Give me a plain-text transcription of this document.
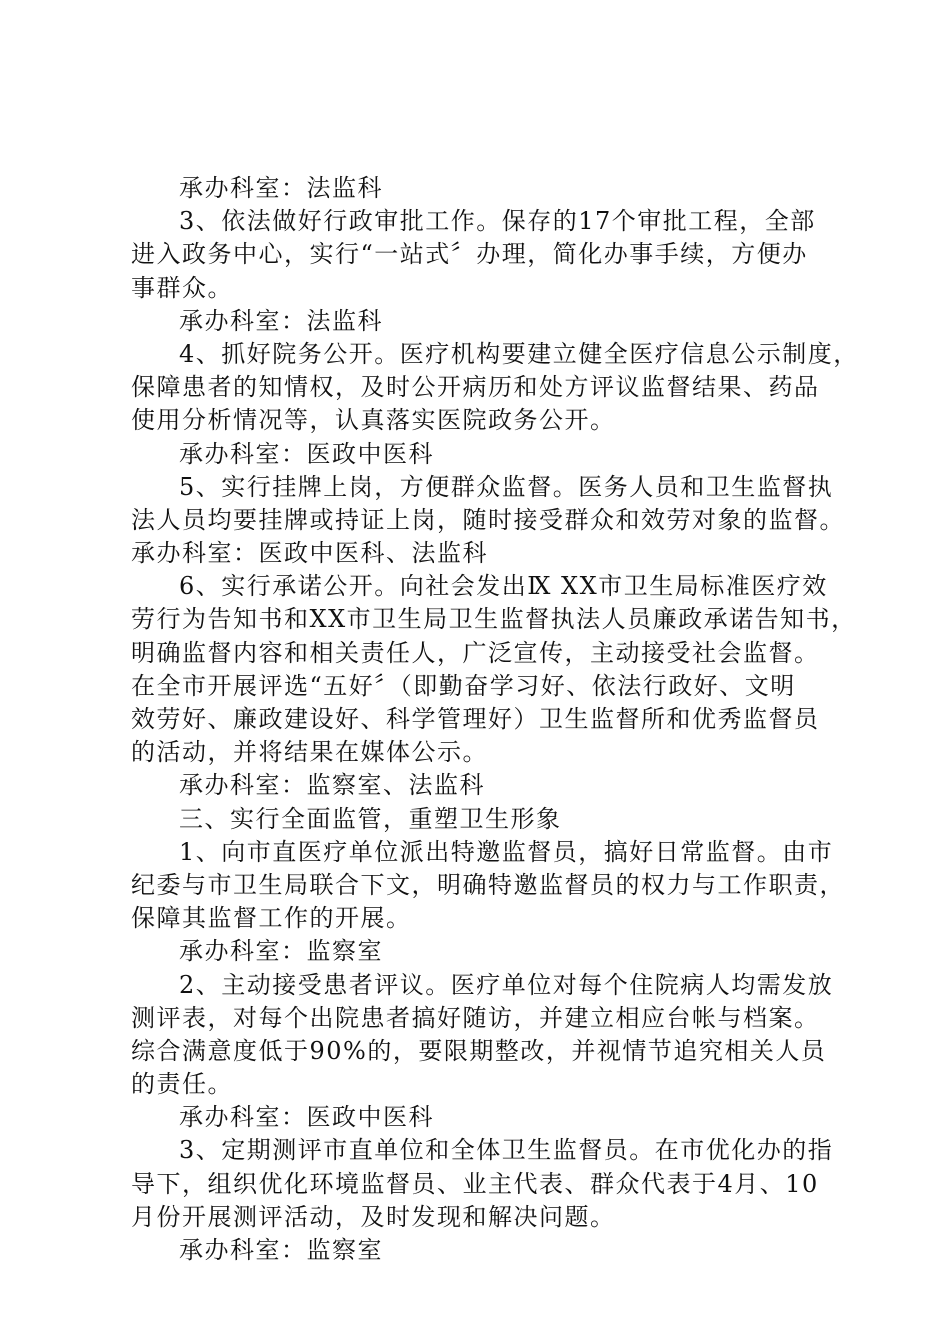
承办科室：法监科
3、依法做好行政审批工作。保存的17个审批工程，全部
进入政务中心，实行“一站式〞办理，简化办事手续，方便办
事群众。
承办科室：法监科
4、抓好院务公开。医疗机构要建立健全医疗信息公示制度，
保障患者的知情权，及时公开病历和处方评议监督结果、药品
使用分析情况等，认真落实医院政务公开。
承办科室：医政中医科
5、实行挂牌上岗，方便群众监督。医务人员和卫生监督执
法人员均要挂牌或持证上岗，随时接受群众和效劳对象的监督。
承办科室：医政中医科、法监科
6、实行承诺公开。向社会发出Ⅸ XX市卫生局标准医疗效
劳行为告知书和XX市卫生局卫生监督执法人员廉政承诺告知书，
明确监督内容和相关责任人，广泛宣传，主动接受社会监督。
在全市开展评选“五好〞（即勤奋学习好、依法行政好、文明
效劳好、廉政建设好、科学管理好）卫生监督所和优秀监督员
的活动，并将结果在媒体公示。
承办科室：监察室、法监科
三、实行全面监管，重塑卫生形象
1、向市直医疗单位派出特邀监督员，搞好日常监督。由市
纪委与市卫生局联合下文，明确特邀监督员的权力与工作职责，
保障其监督工作的开展。
承办科室：监察室
2、主动接受患者评议。医疗单位对每个住院病人均需发放
测评表，对每个出院患者搞好随访，并建立相应台帐与档案。
综合满意度低于90%的，要限期整改，并视情节追究相关人员
的责任。
承办科室：医政中医科
3、定期测评市直单位和全体卫生监督员。在市优化办的指
导下，组织优化环境监督员、业主代表、群众代表于4月、10
月份开展测评活动，及时发现和解决问题。
承办科室：监察室
